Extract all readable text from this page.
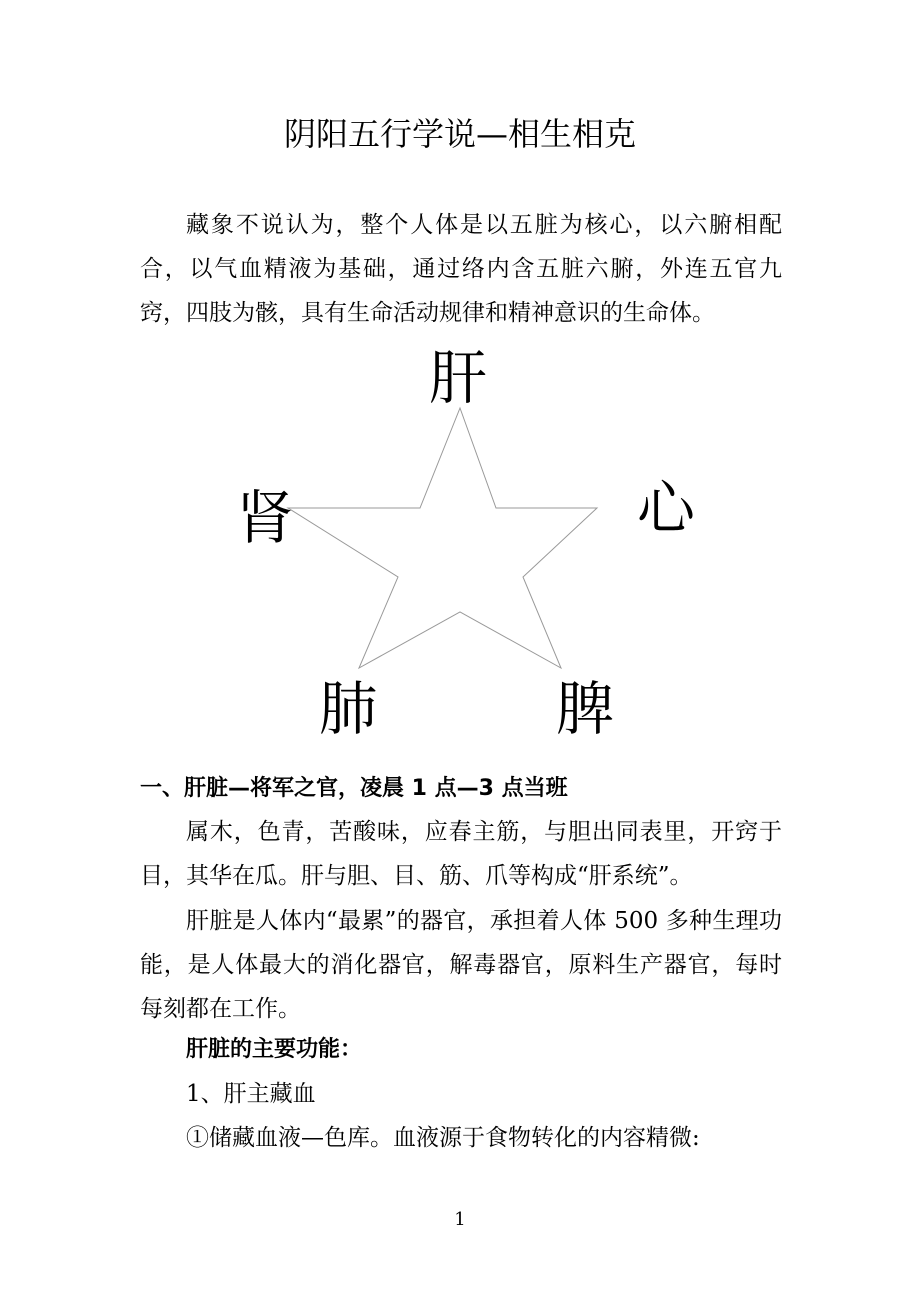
阴阳五行学说—相生相克

藏象不说认为，整个人体是以五脏为核心，以六腑相配合，以气血精液为基础，通过络内含五脏六腑，外连五官九窍，四肢为骸，具有生命活动规律和精神意识的生命体。

肝
心
脾
肺
肾
一、肝脏—将军之官，凌晨 1 点—3 点当班

属木，色青，苦酸味，应春主筋，与胆出同表里，开窍于目，其华在瓜。肝与胆、目、筋、爪等构成“肝系统”。

肝脏是人体内“最累”的器官，承担着人体 500 多种生理功能，是人体最大的消化器官，解毒器官，原料生产器官，每时每刻都在工作。

肝脏的主要功能：
1、肝主藏血
①储藏血液—色库。血液源于食物转化的内容精微:
1
